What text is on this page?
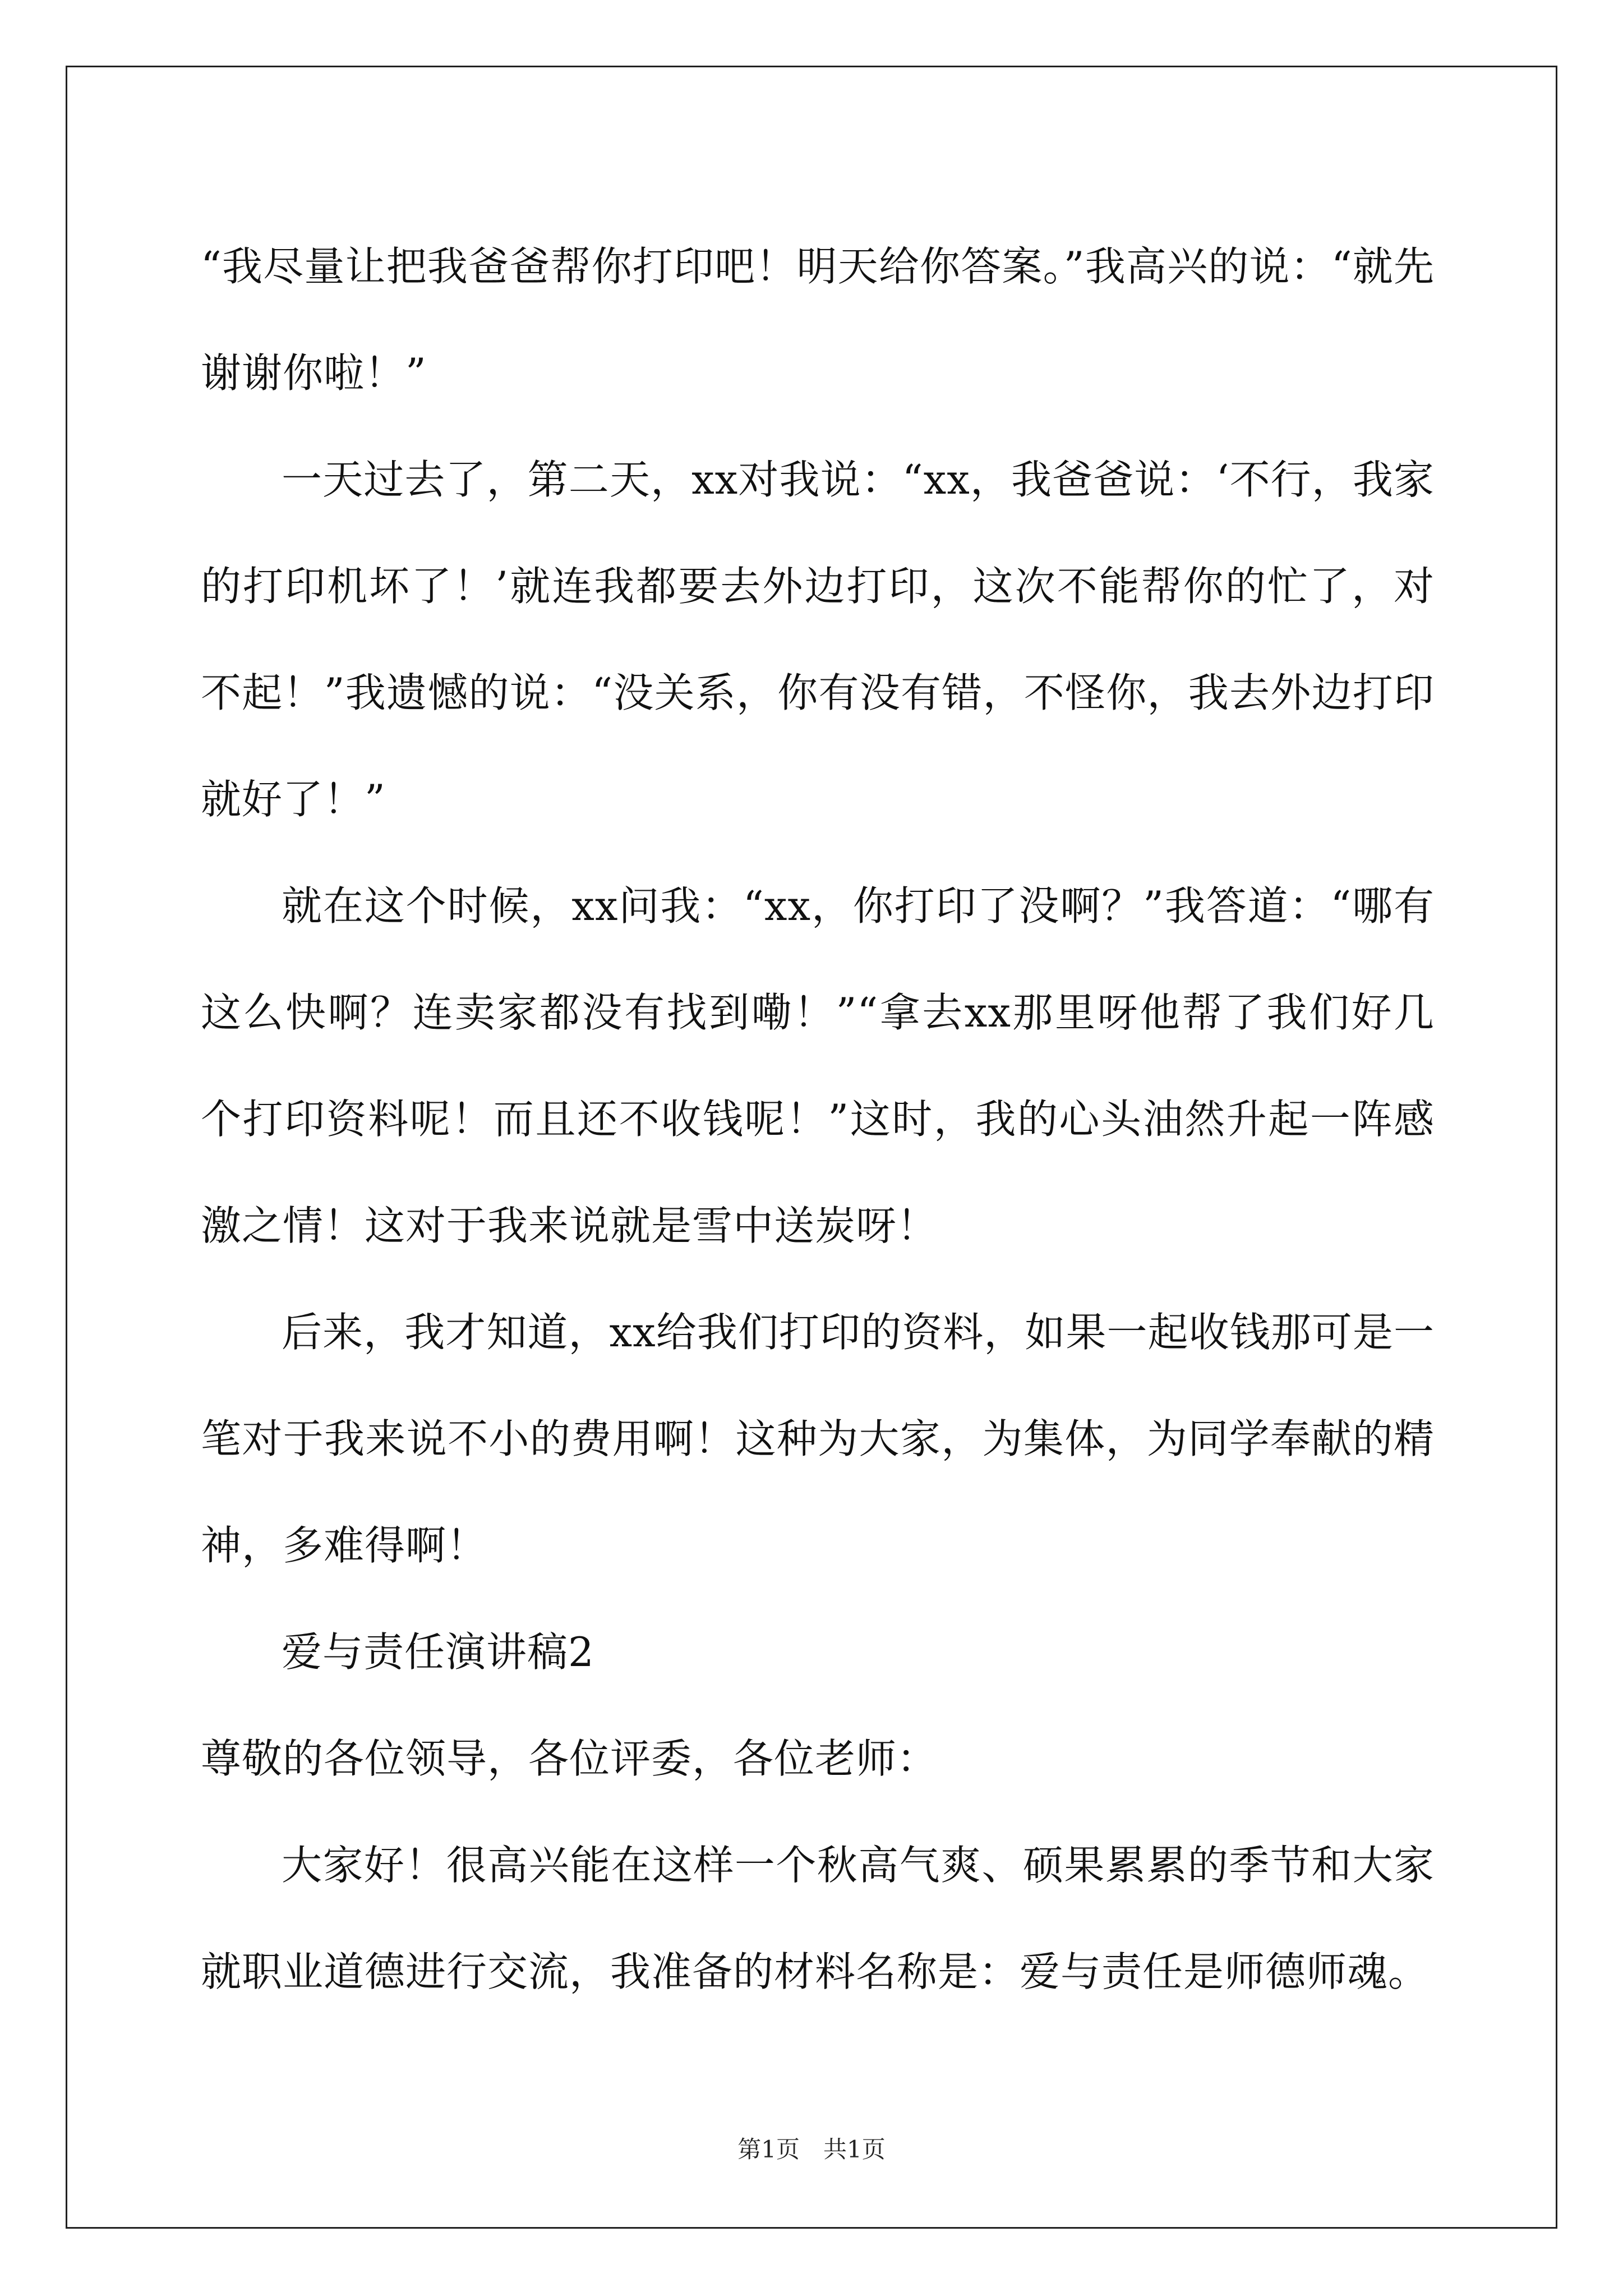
“我尽量让把我爸爸帮你打印吧！明天给你答案。”我高兴的说：“就先谢谢你啦！”

一天过去了，第二天，xx对我说：“xx，我爸爸说：‘不行，我家的打印机坏了！’就连我都要去外边打印，这次不能帮你的忙了，对不起！”我遗憾的说：“没关系，你有没有错，不怪你，我去外边打印就好了！”

就在这个时候，xx问我：“xx，你打印了没啊？”我答道：“哪有这么快啊？连卖家都没有找到嘞！”“拿去xx那里呀他帮了我们好几个打印资料呢！而且还不收钱呢！”这时，我的心头油然升起一阵感激之情！这对于我来说就是雪中送炭呀！

后来，我才知道，xx给我们打印的资料，如果一起收钱那可是一笔对于我来说不小的费用啊！这种为大家，为集体，为同学奉献的精神，多难得啊！

爱与责任演讲稿2

尊敬的各位领导，各位评委，各位老师：

大家好！很高兴能在这样一个秋高气爽、硕果累累的季节和大家就职业道德进行交流，我准备的材料名称是：爱与责任是师德师魂。

第1页 共1页
